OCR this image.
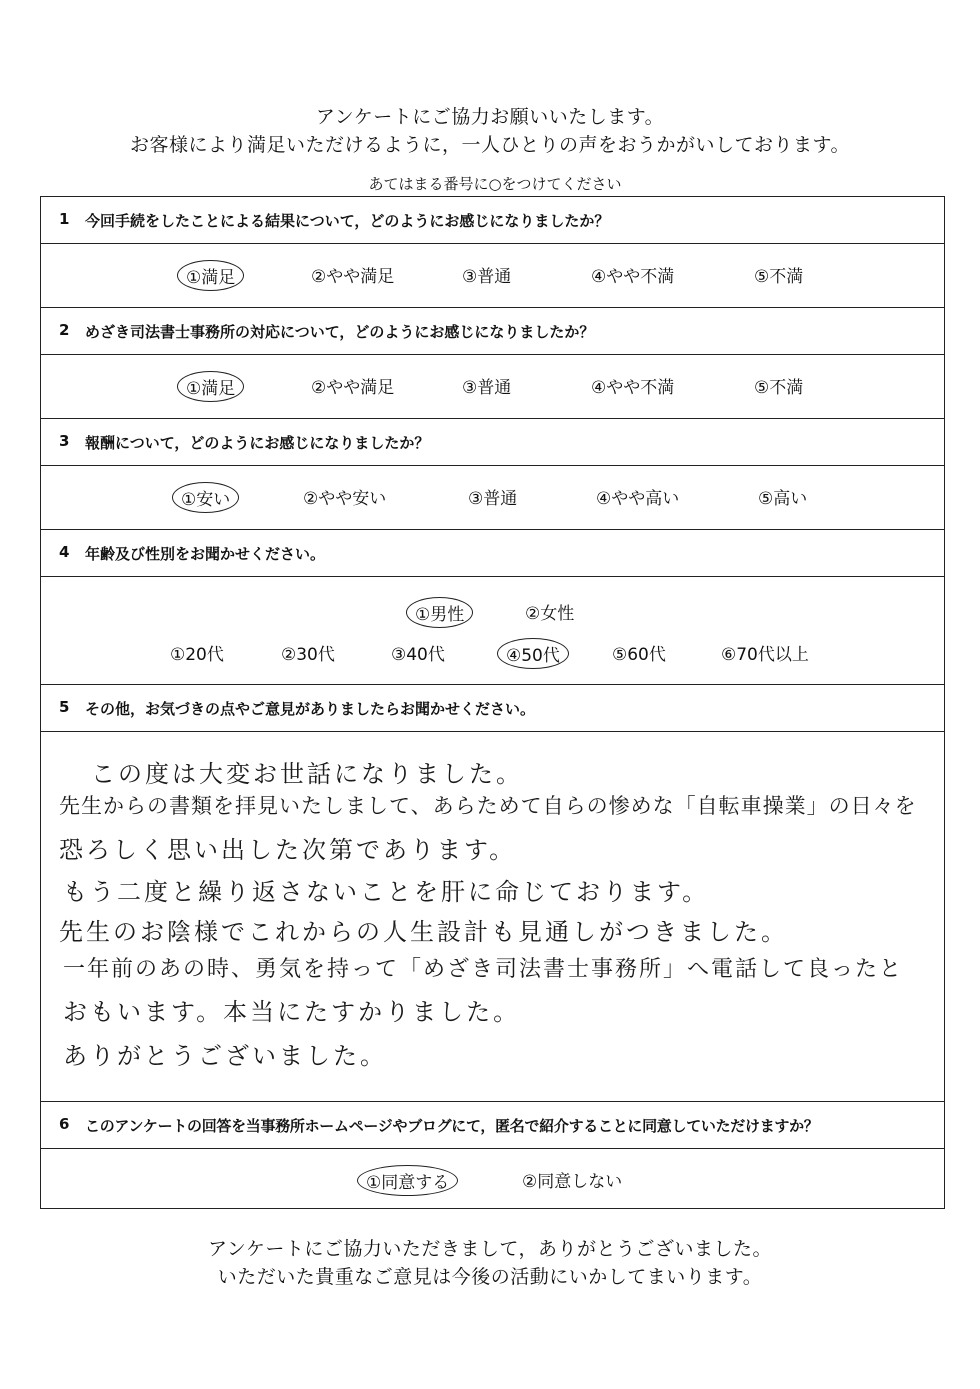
アンケートにご協力お願いいたします。
お客様により満足いただけるように，一人ひとりの声をおうかがいしております。
あてはまる番号に○をつけてください
1 今回手続をしたことによる結果について，どのようにお感じになりましたか？
①満足	②やや満足	③普通	④やや不満	⑤不満
2 めざき司法書士事務所の対応について，どのようにお感じになりましたか？
①満足	②やや満足	③普通	④やや不満	⑤不満
3 報酬について，どのようにお感じになりましたか？
①安い	②やや安い	③普通	④やや高い	⑤高い
4 年齢及び性別をお聞かせください。
①男性	②女性
①20代	②30代	③40代	④50代	⑤60代	⑥70代以上
5 その他，お気づきの点やご意見がありましたらお聞かせください。
この度は大変お世話になりました。
先生からの書類を拝見いたしまして、あらためて自らの惨めな「自転車操業」の日々を
恐ろしく思い出した次第であります。
もう二度と繰り返さないことを肝に命じております。
先生のお陰様でこれからの人生設計も見通しがつきました。
一年前のあの時、勇気を持って「めざき司法書士事務所」へ電話して良ったと
おもいます。本当にたすかりました。
ありがとうございました。
6 このアンケートの回答を当事務所ホームページやブログにて，匿名で紹介することに同意していただけますか？
①同意する	②同意しない
アンケートにご協力いただきまして，ありがとうございました。
いただいた貴重なご意見は今後の活動にいかしてまいります。
